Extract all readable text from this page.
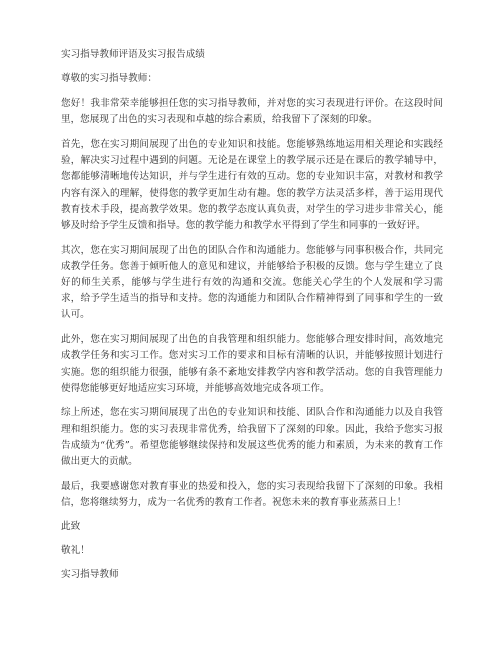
实习指导教师评语及实习报告成绩
尊敬的实习指导教师：

您好！我非常荣幸能够担任您的实习指导教师，并对您的实习表现进行评价。在这段时间里，您展现了出色的实习表现和卓越的综合素质，给我留下了深刻的印象。

首先，您在实习期间展现了出色的专业知识和技能。您能够熟练地运用相关理论和实践经验，解决实习过程中遇到的问题。无论是在课堂上的教学展示还是在课后的教学辅导中，您都能够清晰地传达知识，并与学生进行有效的互动。您的专业知识丰富，对教材和教学内容有深入的理解，使得您的教学更加生动有趣。您的教学方法灵活多样，善于运用现代教育技术手段，提高教学效果。您的教学态度认真负责，对学生的学习进步非常关心，能够及时给予学生反馈和指导。您的教学能力和教学水平得到了学生和同事的一致好评。

其次，您在实习期间展现了出色的团队合作和沟通能力。您能够与同事积极合作，共同完成教学任务。您善于倾听他人的意见和建议，并能够给予积极的反馈。您与学生建立了良好的师生关系，能够与学生进行有效的沟通和交流。您能关心学生的个人发展和学习需求，给予学生适当的指导和支持。您的沟通能力和团队合作精神得到了同事和学生的一致认可。

此外，您在实习期间展现了出色的自我管理和组织能力。您能够合理安排时间，高效地完成教学任务和实习工作。您对实习工作的要求和目标有清晰的认识，并能够按照计划进行实施。您的组织能力很强，能够有条不紊地安排教学内容和教学活动。您的自我管理能力使得您能够更好地适应实习环境，并能够高效地完成各项工作。

综上所述，您在实习期间展现了出色的专业知识和技能、团队合作和沟通能力以及自我管理和组织能力。您的实习表现非常优秀，给我留下了深刻的印象。因此，我给予您实习报告成绩为“优秀”。希望您能够继续保持和发展这些优秀的能力和素质，为未来的教育工作做出更大的贡献。

最后，我要感谢您对教育事业的热爱和投入，您的实习表现给我留下了深刻的印象。我相信，您将继续努力，成为一名优秀的教育工作者。祝您未来的教育事业蒸蒸日上！

此致
敬礼！
实习指导教师
